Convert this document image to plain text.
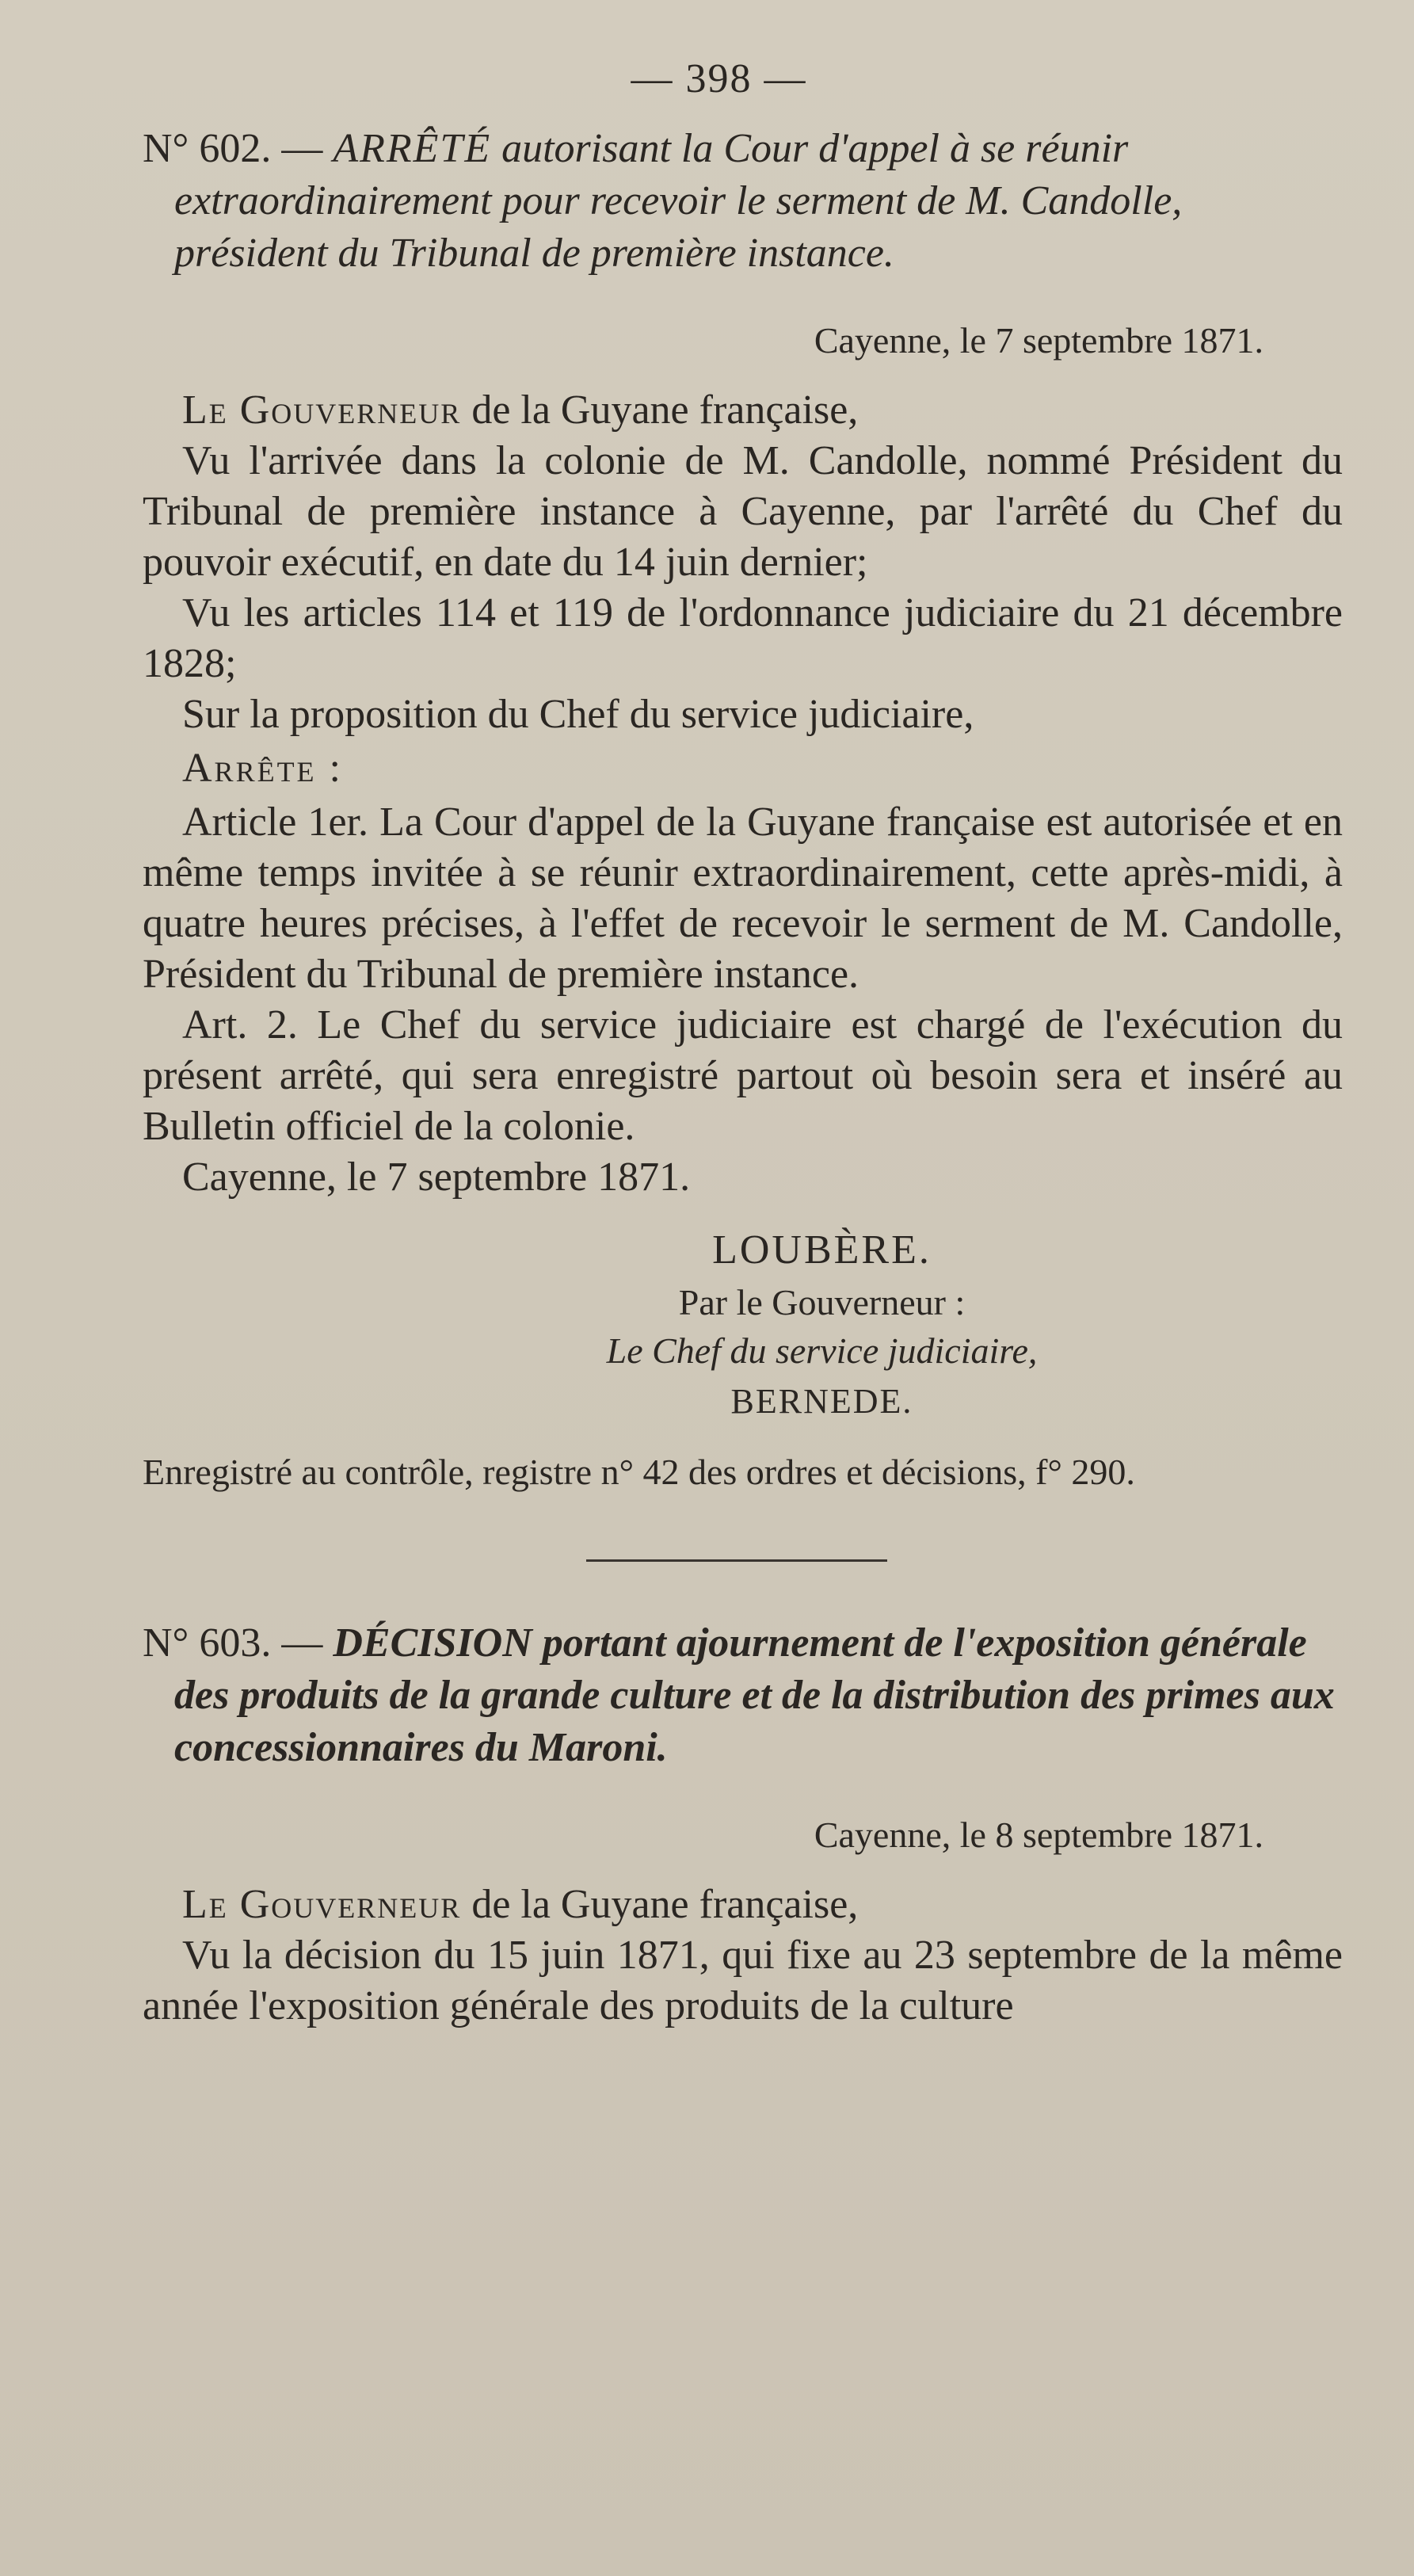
— 398 —

N° 602. — ARRÊTÉ autorisant la Cour d'appel à se réunir extraordinairement pour recevoir le serment de M. Candolle, président du Tribunal de première instance.

Cayenne, le 7 septembre 1871.

Le Gouverneur de la Guyane française,

Vu l'arrivée dans la colonie de M. Candolle, nommé Président du Tribunal de première instance à Cayenne, par l'arrêté du Chef du pouvoir exécutif, en date du 14 juin dernier;

Vu les articles 114 et 119 de l'ordonnance judiciaire du 21 décembre 1828;

Sur la proposition du Chef du service judiciaire,

Arrête :

Article 1er. La Cour d'appel de la Guyane française est autorisée et en même temps invitée à se réunir extraordinairement, cette après-midi, à quatre heures précises, à l'effet de recevoir le serment de M. Candolle, Président du Tribunal de première instance.

Art. 2. Le Chef du service judiciaire est chargé de l'exécution du présent arrêté, qui sera enregistré partout où besoin sera et inséré au Bulletin officiel de la colonie.

Cayenne, le 7 septembre 1871.

LOUBÈRE.
Par le Gouverneur :
Le Chef du service judiciaire,
BERNEDE.

Enregistré au contrôle, registre n° 42 des ordres et décisions, f° 290.

N° 603. — DÉCISION portant ajournement de l'exposition générale des produits de la grande culture et de la distribution des primes aux concessionnaires du Maroni.

Cayenne, le 8 septembre 1871.

Le Gouverneur de la Guyane française,

Vu la décision du 15 juin 1871, qui fixe au 23 septembre de la même année l'exposition générale des produits de la culture
